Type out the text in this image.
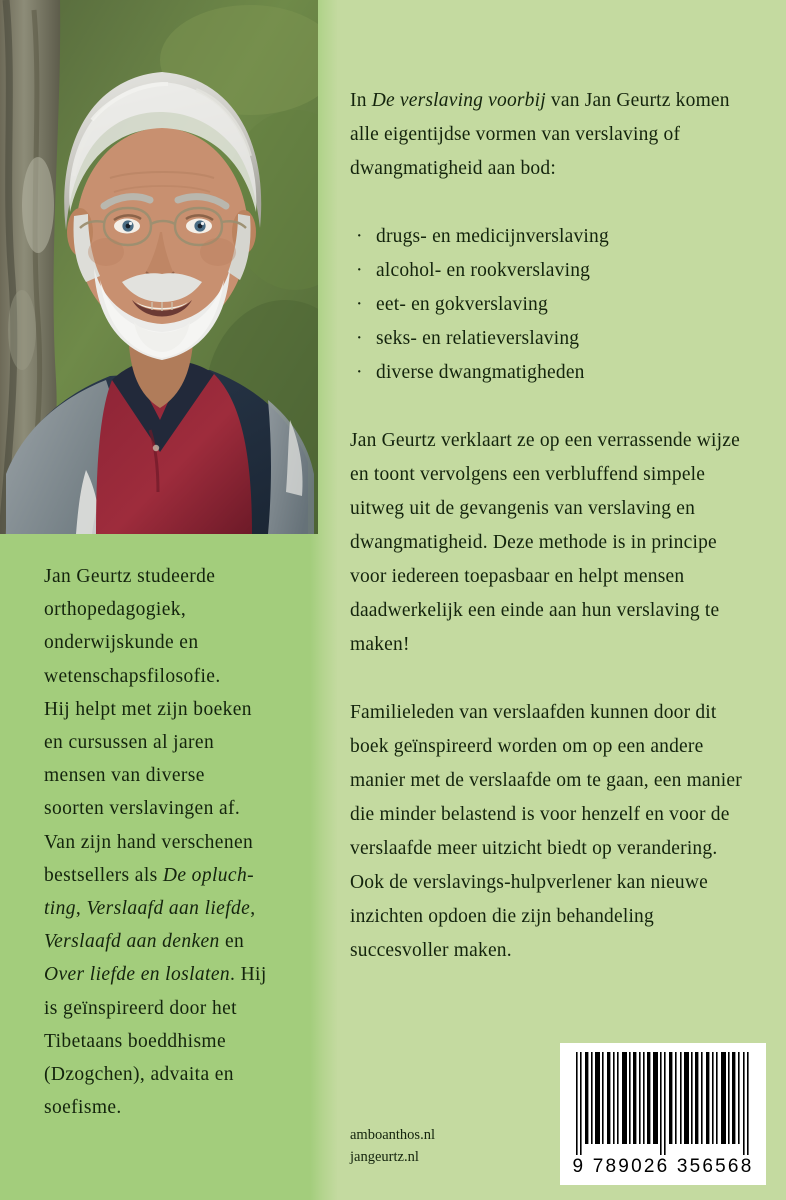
Jan Geurtz studeerde
orthopedagogiek,
onderwijskunde en
wetenschapsfilosofie.
Hij helpt met zijn boeken
en cursussen al jaren
mensen van diverse
soorten verslavingen af.
Van zijn hand verschenen
bestsellers als De opluch-
ting, Verslaafd aan liefde,
Verslaafd aan denken en
Over liefde en loslaten. Hij
is geïnspireerd door het
Tibetaans boeddhisme
(Dzogchen), advaita en
soefisme.

In De verslaving voorbij van Jan Geurtz komen alle eigentijdse vormen van verslaving of dwangmatigheid aan bod:

· drugs- en medicijnverslaving
· alcohol- en rookverslaving
· eet- en gokverslaving
· seks- en relatieverslaving
· diverse dwangmatigheden

Jan Geurtz verklaart ze op een verrassende wijze en toont vervolgens een verbluffend simpele uitweg uit de gevangenis van verslaving en dwangmatigheid. Deze methode is in principe voor iedereen toepasbaar en helpt mensen daadwerkelijk een einde aan hun verslaving te maken!

Familieleden van verslaafden kunnen door dit boek geïnspireerd worden om op een andere manier met de verslaafde om te gaan, een manier die minder belastend is voor henzelf en voor de verslaafde meer uitzicht biedt op verandering. Ook de verslavings-hulpverlener kan nieuwe inzichten opdoen die zijn behandeling succesvoller maken.

amboanthos.nl
jangeurtz.nl	9 789026 356568
